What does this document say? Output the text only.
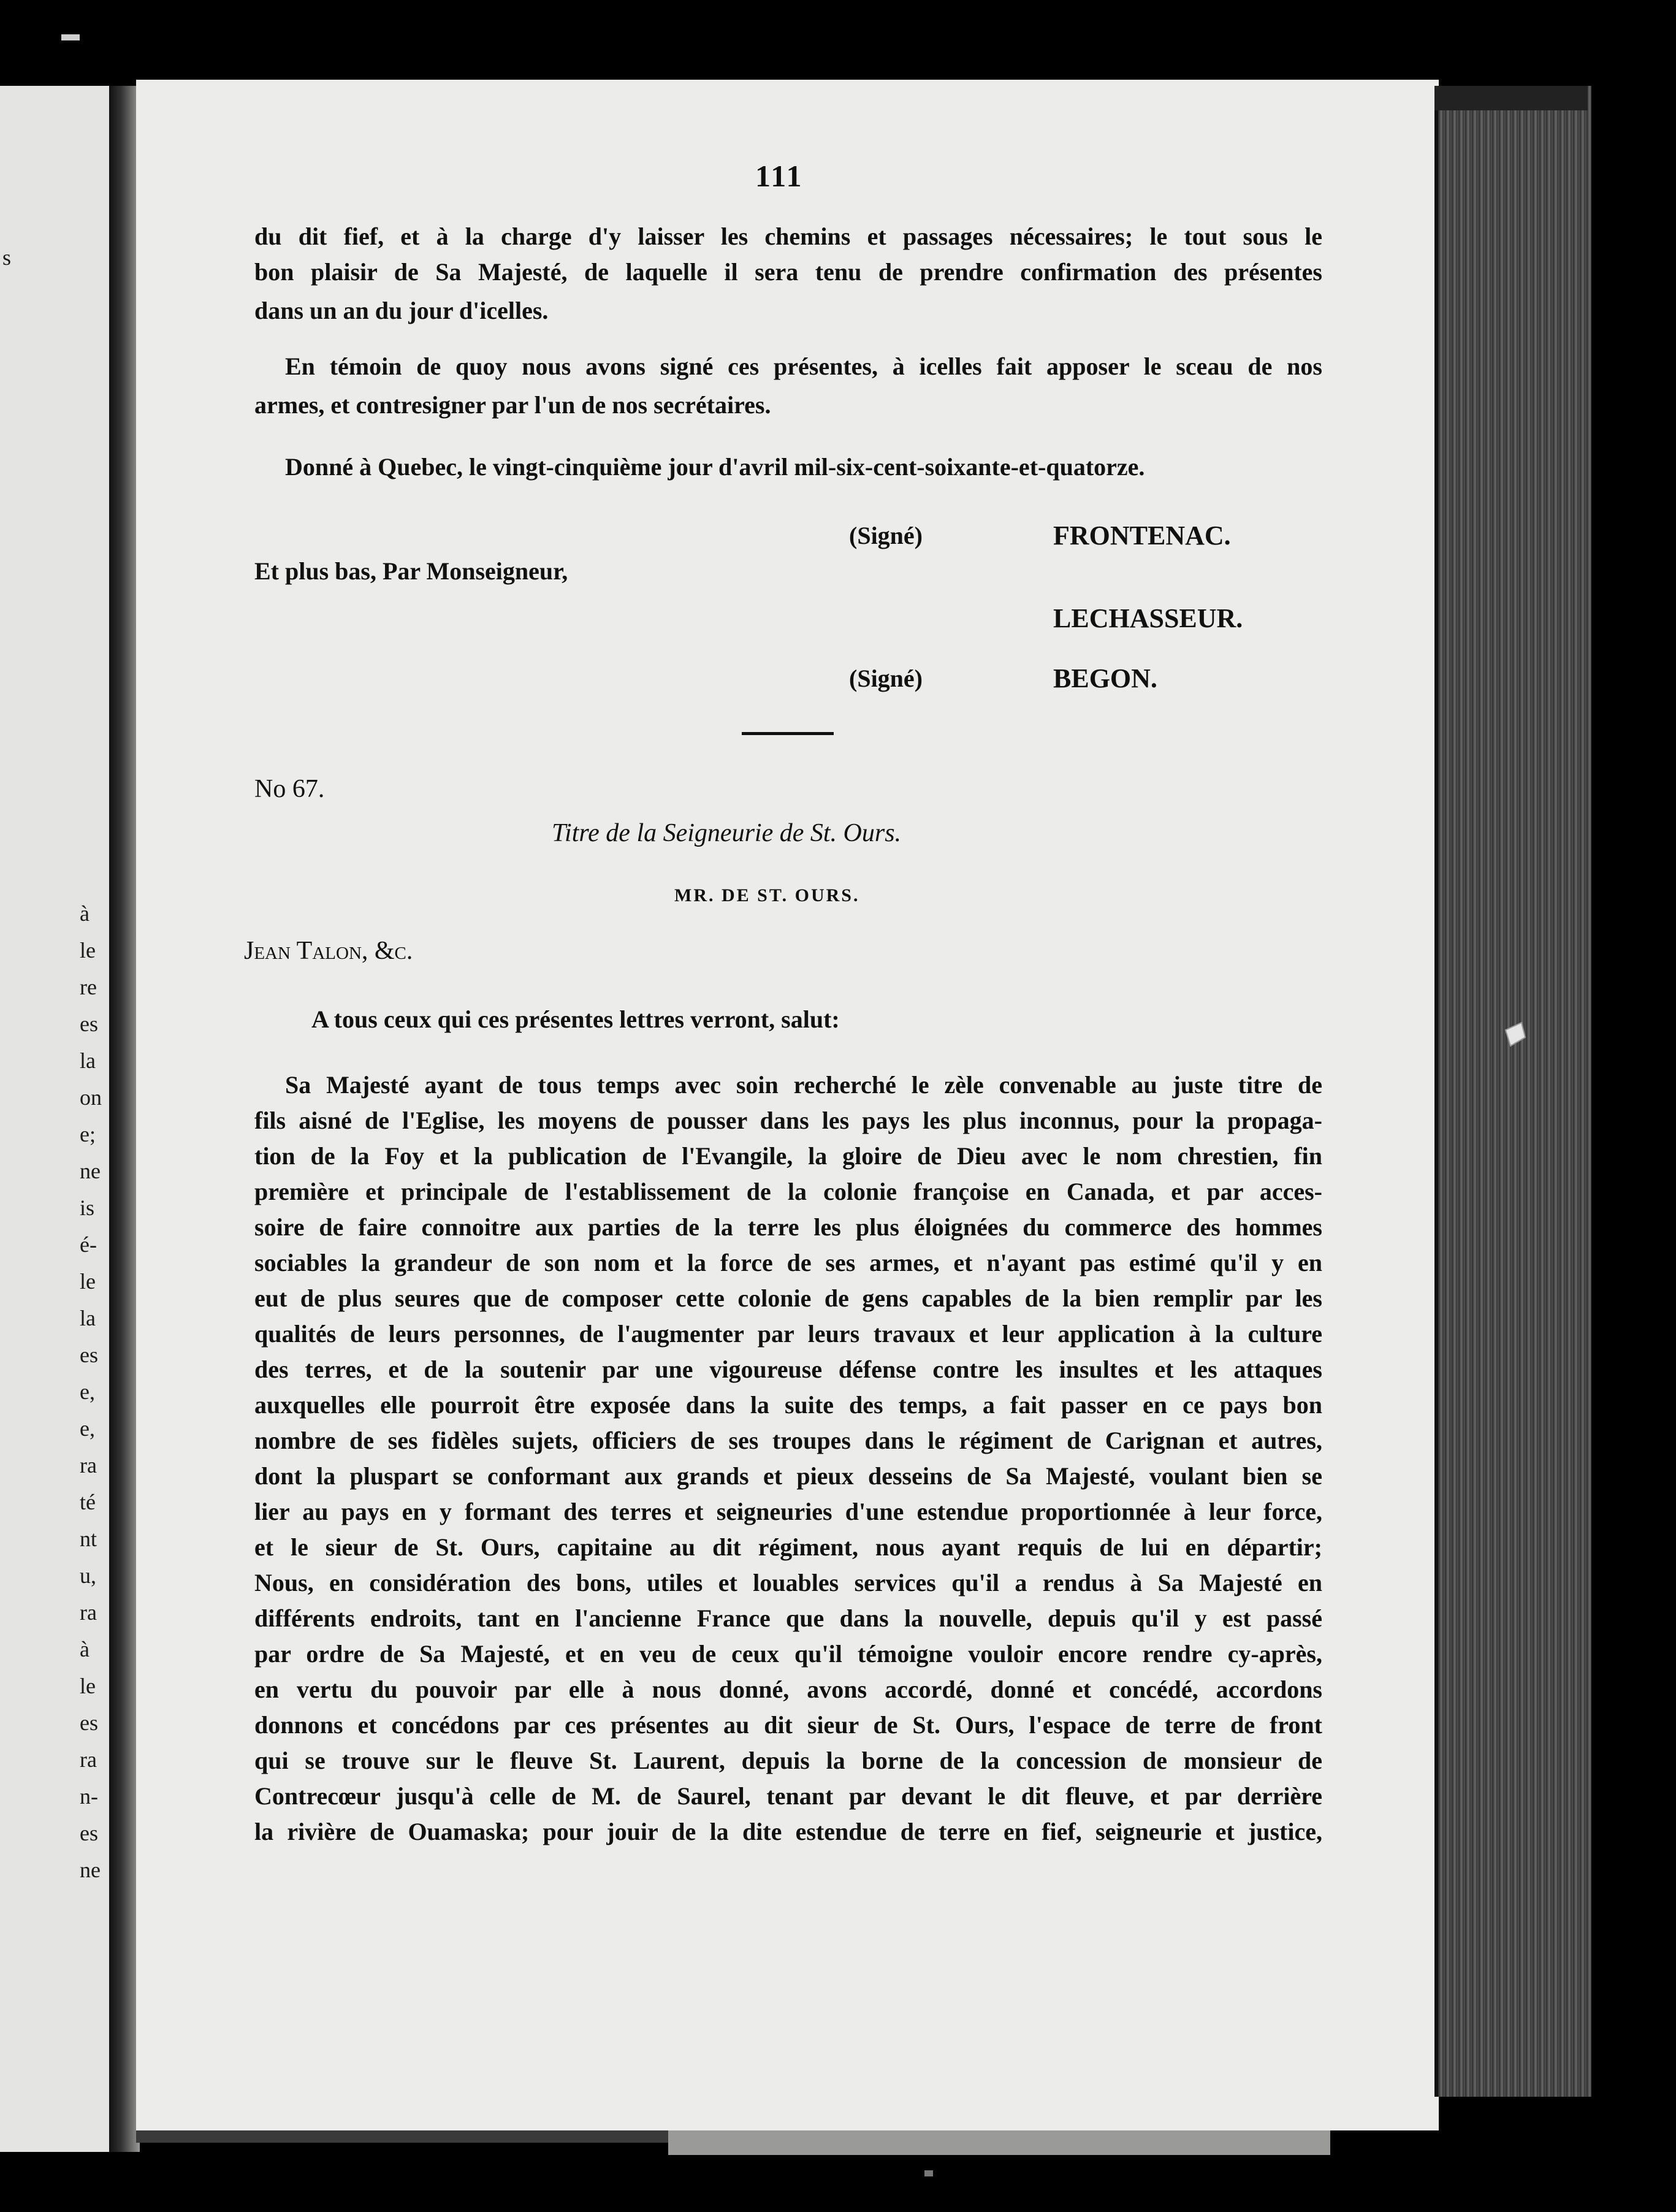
111
du dit fief, et à la charge d'y laisser les chemins et passages nécessaires; le tout sous le
bon plaisir de Sa Majesté, de laquelle il sera tenu de prendre confirmation des présentes
dans un an du jour d'icelles.
En témoin de quoy nous avons signé ces présentes, à icelles fait apposer le sceau de nos
armes, et contresigner par l'un de nos secrétaires.
Donné à Quebec, le vingt-cinquième jour d'avril mil-six-cent-soixante-et-quatorze.
(Signé)	FRONTENAC.
Et plus bas, Par Monseigneur,
LECHASSEUR.
(Signé)	BEGON.
No 67.
Titre de la Seigneurie de St. Ours.
MR. DE ST. OURS.
Jean Talon, &c.
A tous ceux qui ces présentes lettres verront, salut:
Sa Majesté ayant de tous temps avec soin recherché le zèle convenable au juste titre de
fils aisné de l'Eglise, les moyens de pousser dans les pays les plus inconnus, pour la propaga-
tion de la Foy et la publication de l'Evangile, la gloire de Dieu avec le nom chrestien, fin
première et principale de l'establissement de la colonie françoise en Canada, et par acces-
soire de faire connoitre aux parties de la terre les plus éloignées du commerce des hommes
sociables la grandeur de son nom et la force de ses armes, et n'ayant pas estimé qu'il y en
eut de plus seures que de composer cette colonie de gens capables de la bien remplir par les
qualités de leurs personnes, de l'augmenter par leurs travaux et leur application à la culture
des terres, et de la soutenir par une vigoureuse défense contre les insultes et les attaques
auxquelles elle pourroit être exposée dans la suite des temps, a fait passer en ce pays bon
nombre de ses fidèles sujets, officiers de ses troupes dans le régiment de Carignan et autres,
dont la pluspart se conformant aux grands et pieux desseins de Sa Majesté, voulant bien se
lier au pays en y formant des terres et seigneuries d'une estendue proportionnée à leur force,
et le sieur de St. Ours, capitaine au dit régiment, nous ayant requis de lui en départir;
Nous, en considération des bons, utiles et louables services qu'il a rendus à Sa Majesté en
différents endroits, tant en l'ancienne France que dans la nouvelle, depuis qu'il y est passé
par ordre de Sa Majesté, et en veu de ceux qu'il témoigne vouloir encore rendre cy-après,
en vertu du pouvoir par elle à nous donné, avons accordé, donné et concédé, accordons
donnons et concédons par ces présentes au dit sieur de St. Ours, l'espace de terre de front
qui se trouve sur le fleuve St. Laurent, depuis la borne de la concession de monsieur de
Contrecœur jusqu'à celle de M. de Saurel, tenant par devant le dit fleuve, et par derrière
la rivière de Ouamaska; pour jouir de la dite estendue de terre en fief, seigneurie et justice,
s
à
le
re
es
la
on
e;
ne
is
é-
le
la
es
e,
e,
ra
té
nt
u,
ra
à
le
es
ra
n-
es
ne
